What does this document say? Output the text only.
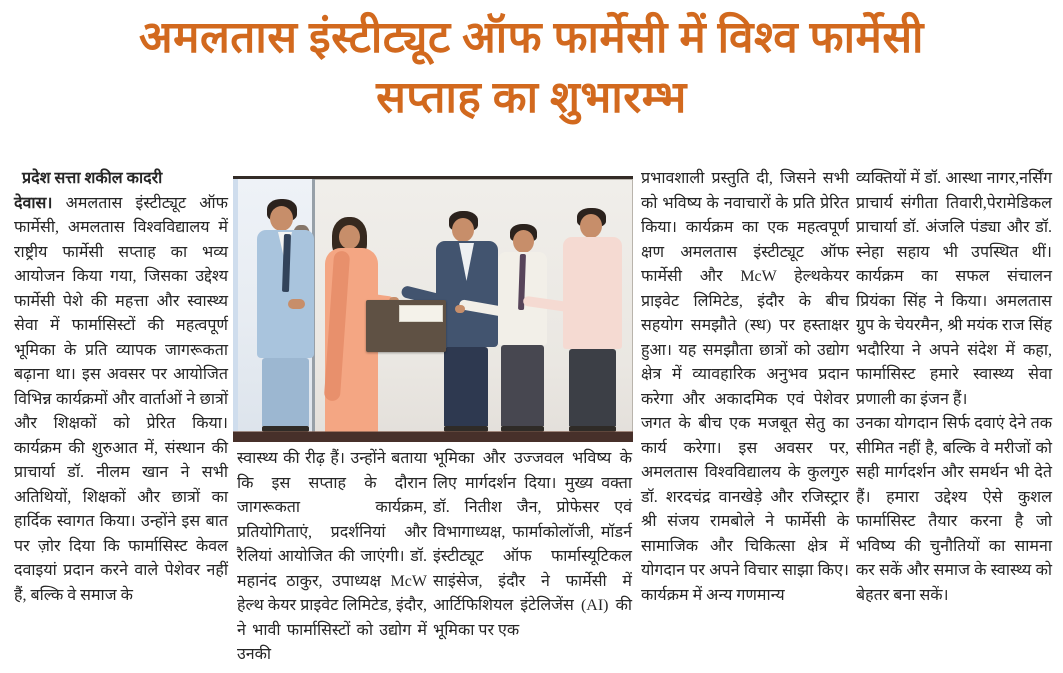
अमलतास इंस्टीट्यूट ऑफ फार्मेसी में विश्व फार्मेसी
सप्ताह का शुभारम्भ
प्रदेश सत्ता शकील कादरी

देवास। अमलतास इंस्टीट्यूट ऑफ फार्मेसी, अमलतास विश्वविद्यालय में राष्ट्रीय फार्मेसी सप्ताह का भव्य आयोजन किया गया, जिसका उद्देश्य फार्मेसी पेशे की महत्ता और स्वास्थ्य सेवा में फार्मासिस्टों की महत्वपूर्ण भूमिका के प्रति व्यापक जागरूकता बढ़ाना था। इस अवसर पर आयोजित विभिन्न कार्यक्रमों और वार्ताओं ने छात्रों और शिक्षकों को प्रेरित किया। कार्यक्रम की शुरुआत में, संस्थान की प्राचार्या डॉ. नीलम खान ने सभी अतिथियों, शिक्षकों और छात्रों का हार्दिक स्वागत किया। उन्होंने इस बात पर ज़ोर दिया कि फार्मासिस्ट केवल दवाइयां प्रदान करने वाले पेशेवर नहीं हैं, बल्कि वे समाज के

स्वास्थ्य की रीढ़ हैं। उन्होंने बताया कि इस सप्ताह के दौरान जागरूकता कार्यक्रम, प्रतियोगिताएं, प्रदर्शनियां और रैलियां आयोजित की जाएंगी। डॉ. महानंद ठाकुर, उपाध्यक्ष McW हेल्थ केयर प्राइवेट लिमिटेड, इंदौर, ने भावी फार्मासिस्टों को उद्योग में उनकी

भूमिका और उज्जवल भविष्य के लिए मार्गदर्शन दिया। मुख्य वक्ता डॉ. नितीश जैन, प्रोफेसर एवं विभागाध्यक्ष, फार्माकोलॉजी, मॉडर्न इंस्टीट्यूट ऑफ फार्मास्यूटिकल साइंसेज, इंदौर ने फार्मेसी में आर्टिफिशियल इंटेलिजेंस (AI) की भूमिका पर एक

प्रभावशाली प्रस्तुति दी, जिसने सभी को भविष्य के नवाचारों के प्रति प्रेरित किया। कार्यक्रम का एक महत्वपूर्ण क्षण अमलतास इंस्टीट्यूट ऑफ फार्मेसी और McW हेल्थकेयर प्राइवेट लिमिटेड, इंदौर के बीच सहयोग समझौते (स्ध) पर हस्ताक्षर हुआ। यह समझौता छात्रों को उद्योग क्षेत्र में व्यावहारिक अनुभव प्रदान करेगा और अकादमिक एवं पेशेवर जगत के बीच एक मजबूत सेतु का कार्य करेगा। इस अवसर पर, अमलतास विश्वविद्यालय के कुलगुरु डॉ. शरदचंद्र वानखेड़े और रजिस्ट्रार श्री संजय रामबोले ने फार्मेसी के सामाजिक और चिकित्सा क्षेत्र में योगदान पर अपने विचार साझा किए। कार्यक्रम में अन्य गणमान्य

व्यक्तियों में डॉ. आस्था नागर,नर्सिंग प्राचार्य संगीता तिवारी,पेरामेडिकल प्राचार्या डॉ. अंजलि पंड्या और डॉ. स्नेहा सहाय भी उपस्थित थीं। कार्यक्रम का सफल संचालन प्रियंका सिंह ने किया। अमलतास ग्रुप के चेयरमैन, श्री मयंक राज सिंह भदौरिया ने अपने संदेश में कहा, फार्मासिस्ट हमारे स्वास्थ्य सेवा प्रणाली का इंजन हैं।

उनका योगदान सिर्फ दवाएं देने तक सीमित नहीं है, बल्कि वे मरीजों को सही मार्गदर्शन और समर्थन भी देते हैं। हमारा उद्देश्य ऐसे कुशल फार्मासिस्ट तैयार करना है जो भविष्य की चुनौतियों का सामना कर सकें और समाज के स्वास्थ्य को बेहतर बना सकें।
